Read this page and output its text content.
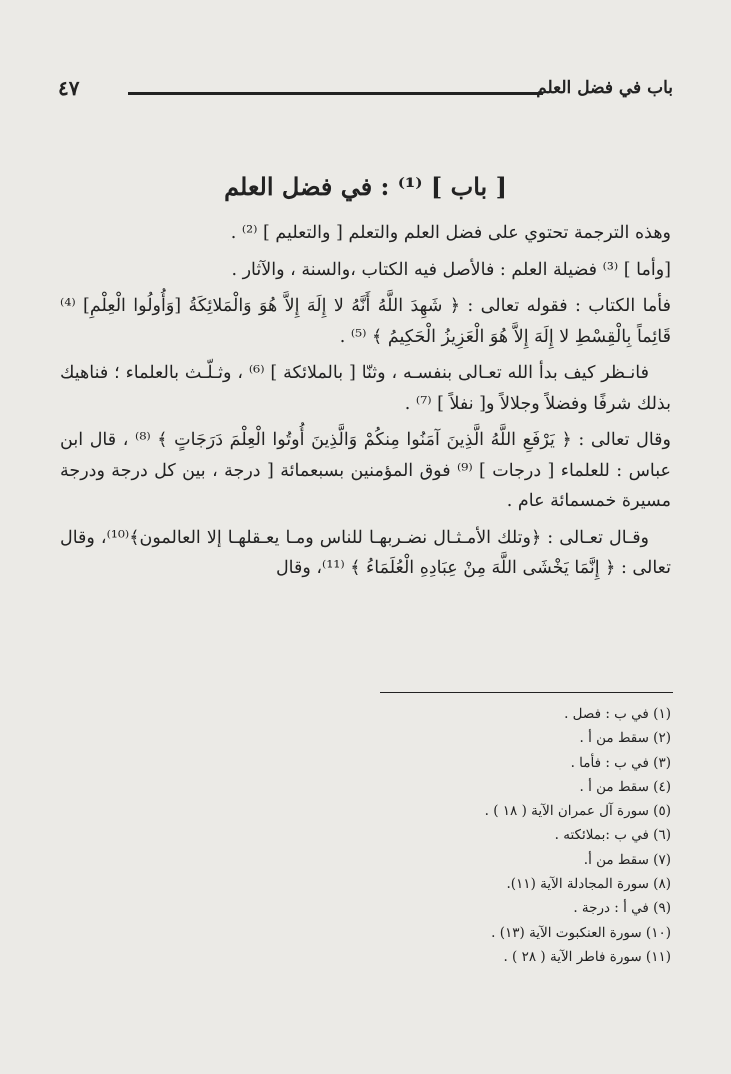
باب في فضل العلم
٤٧
[ باب ] ⁽¹⁾ : في فضل العلم

وهذه الترجمة تحتوي على فضل العلم والتعلم [ والتعليم ] ⁽²⁾ .

[وأما ] ⁽³⁾ فضيلة العلم : فالأصل فيه الكتاب ،والسنة ، والآثار .

فأما الكتاب : فقوله تعالى : ﴿ شَهِدَ اللَّهُ أَنَّهُ لا إِلَهَ إِلاَّ هُوَ وَالْمَلائِكَةُ [وَأُولُوا الْعِلْمِ] ⁽⁴⁾ قَائِماً بِالْقِسْطِ لا إِلَهَ إِلاَّ هُوَ الْعَزِيزُ الْحَكِيمُ ﴾ ⁽⁵⁾ .

فانـظر كيف بدأ الله تعـالى بنفسـه ، وثنّا [ بالملائكة ] ⁽⁶⁾ ، وثـلّـث بالعلماء ؛ فناهيك بذلك شرفًا وفضلاً وجلالاً و[ نفلاً ] ⁽⁷⁾ .

وقال تعالى : ﴿ يَرْفَعِ اللَّهُ الَّذِينَ آمَنُوا مِنكُمْ وَالَّذِينَ أُوتُوا الْعِلْمَ دَرَجَاتٍ ﴾ ⁽⁸⁾ ، قال ابن عباس : للعلماء [ درجات ] ⁽⁹⁾ فوق المؤمنين بسبعمائة [ درجة ، بين كل درجة ودرجة مسيرة خمسمائة عام .

وقـال تعـالى : ﴿وتلك الأمـثـال نضـربهـا للناس ومـا يعـقلهـا إلا العالمون﴾⁽¹⁰⁾، وقال تعالى : ﴿ إِنَّمَا يَخْشَى اللَّهَ مِنْ عِبَادِهِ الْعُلَمَاءُ ﴾ ⁽¹¹⁾، وقال

(١) في ب : فصل .

(٢) سقط من أ .

(٣) في ب : فأما .

(٤) سقط من أ .

(٥) سورة آل عمران الآية ( ١٨ ) .

(٦) في ب :بملائكته .

(٧) سقط من أ.

(٨) سورة المجادلة الآية (١١).

(٩) في أ : درجة .

(١٠) سورة العنكبوت الآية (١٣) .

(١١) سورة فاطر الآية ( ٢٨ ) .
